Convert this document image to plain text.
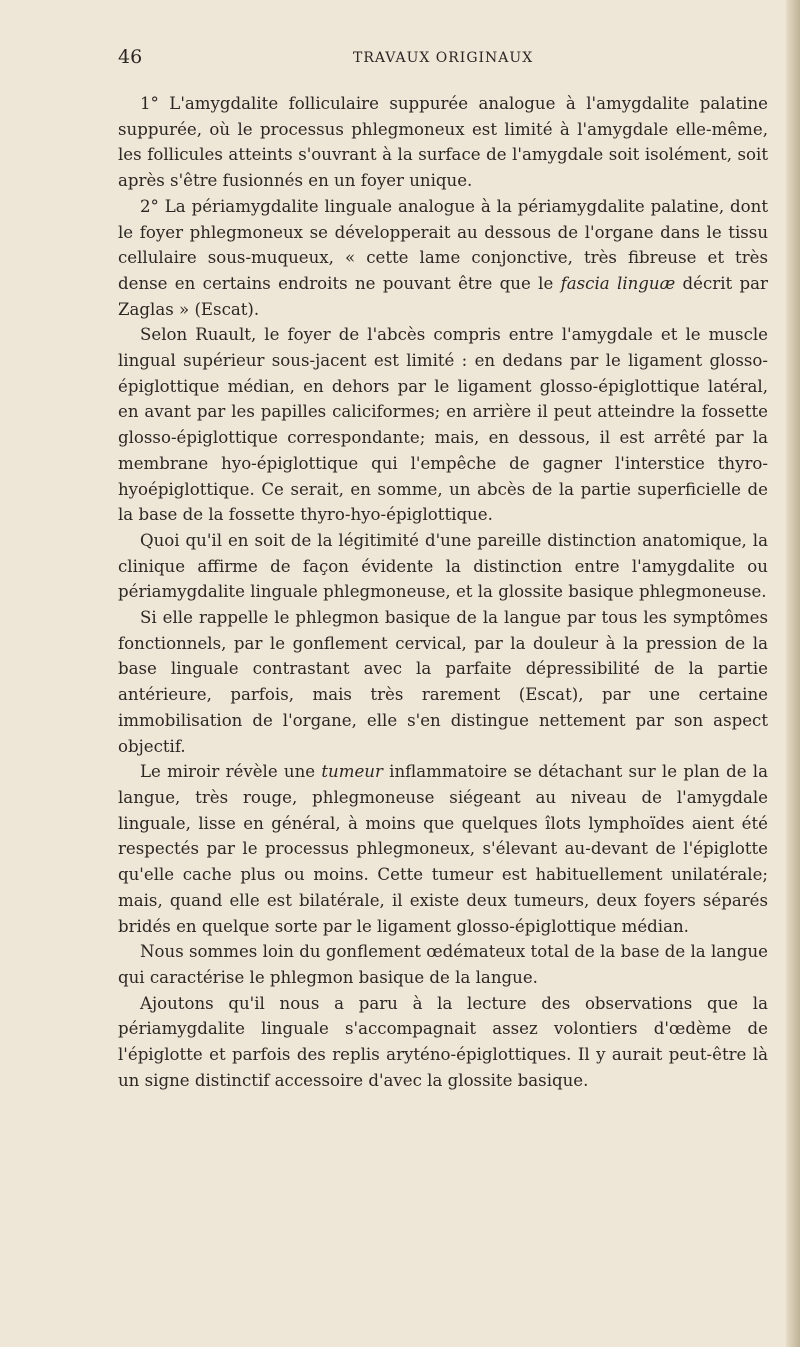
46	TRAVAUX ORIGINAUX

1° L'amygdalite folliculaire suppurée analogue à l'amygdalite palatine suppurée, où le processus phlegmoneux est limité à l'amygdale elle-même, les follicules atteints s'ouvrant à la surface de l'amygdale soit isolément, soit après s'être fusionnés en un foyer unique.

2° La périamygdalite linguale analogue à la périamygdalite palatine, dont le foyer phlegmoneux se développerait au dessous de l'organe dans le tissu cellulaire sous-muqueux, « cette lame conjonctive, très fibreuse et très dense en certains endroits ne pouvant être que le fascia linguæ décrit par Zaglas » (Escat).

Selon Ruault, le foyer de l'abcès compris entre l'amygdale et le muscle lingual supérieur sous-jacent est limité : en dedans par le ligament glosso-épiglottique médian, en dehors par le ligament glosso-épiglottique latéral, en avant par les papilles caliciformes; en arrière il peut atteindre la fossette glosso-épiglottique correspondante; mais, en dessous, il est arrêté par la membrane hyo-épiglottique qui l'empêche de gagner l'interstice thyro-hyoépiglottique. Ce serait, en somme, un abcès de la partie superficielle de la base de la fossette thyro-hyo-épiglottique.

Quoi qu'il en soit de la légitimité d'une pareille distinction anatomique, la clinique affirme de façon évidente la distinction entre l'amygdalite ou périamygdalite linguale phlegmoneuse, et la glossite basique phlegmoneuse.

Si elle rappelle le phlegmon basique de la langue par tous les symptômes fonctionnels, par le gonflement cervical, par la douleur à la pression de la base linguale contrastant avec la parfaite dépressibilité de la partie antérieure, parfois, mais très rarement (Escat), par une certaine immobilisation de l'organe, elle s'en distingue nettement par son aspect objectif.

Le miroir révèle une tumeur inflammatoire se détachant sur le plan de la langue, très rouge, phlegmoneuse siégeant au niveau de l'amygdale linguale, lisse en général, à moins que quelques îlots lymphoïdes aient été respectés par le processus phlegmoneux, s'élevant au-devant de l'épiglotte qu'elle cache plus ou moins. Cette tumeur est habituellement unilatérale; mais, quand elle est bilatérale, il existe deux tumeurs, deux foyers séparés bridés en quelque sorte par le ligament glosso-épiglottique médian.

Nous sommes loin du gonflement œdémateux total de la base de la langue qui caractérise le phlegmon basique de la langue.

Ajoutons qu'il nous a paru à la lecture des observations que la périamygdalite linguale s'accompagnait assez volontiers d'œdème de l'épiglotte et parfois des replis aryténo-épiglottiques. Il y aurait peut-être là un signe distinctif accessoire d'avec la glossite basique.
